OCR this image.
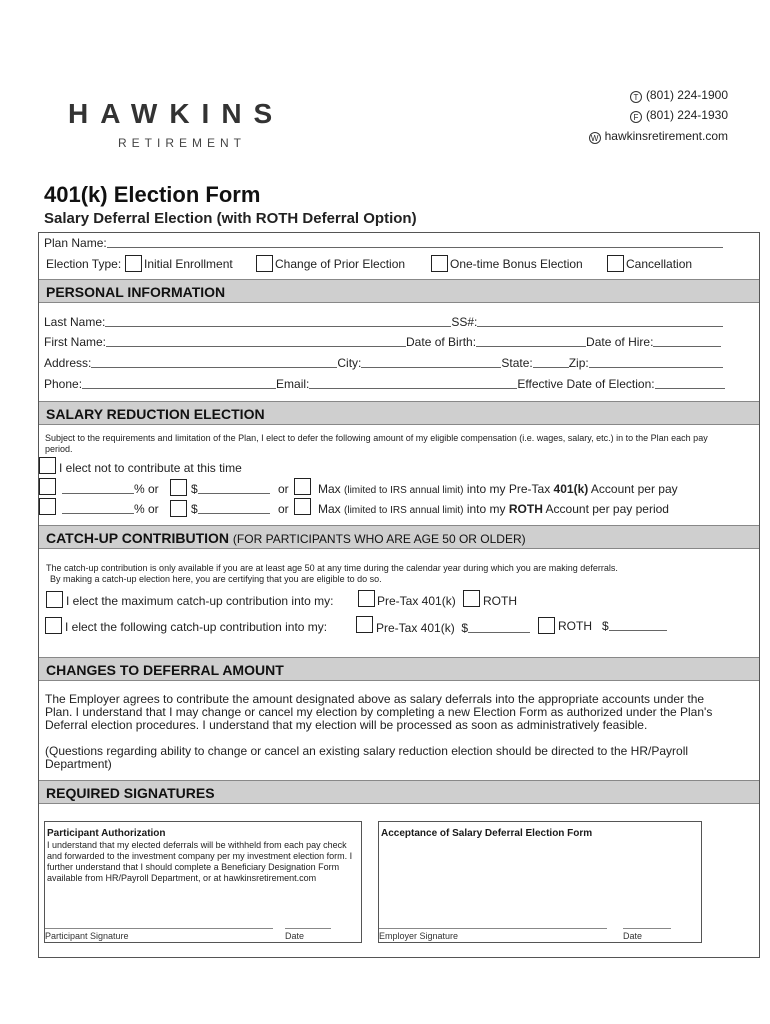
HAWKINS
RETIREMENT
T (801) 224-1900
F (801) 224-1930
W hawkinsretirement.com
401(k) Election Form
Salary Deferral Election (with ROTH Deferral Option)
Plan Name:
Election Type: Initial Enrollment	Change of Prior Election	One-time Bonus Election	Cancellation
PERSONAL INFORMATION
Last Name:	SS#:
First Name:	Date of Birth:	Date of Hire:
Address:	City:	State:	Zip:
Phone:	Email:	Effective Date of Election:
SALARY REDUCTION ELECTION
Subject to the requirements and limitation of the Plan, I elect to defer the following amount of my eligible compensation (i.e. wages, salary, etc.) in to the Plan each pay period.
I elect not to contribute at this time
% or	$	or Max (limited to IRS annual limit) into my Pre-Tax 401(k) Account per pay
% or	$	or Max (limited to IRS annual limit) into my ROTH Account per pay period
CATCH-UP CONTRIBUTION (FOR PARTICIPANTS WHO ARE AGE 50 OR OLDER)
The catch-up contribution is only available if you are at least age 50 at any time during the calendar year during which you are making deferrals.
By making a catch-up election here, you are certifying that you are eligible to do so.
I elect the maximum catch-up contribution into my:	Pre-Tax 401(k) ROTH
I elect the following catch-up contribution into my:	Pre-Tax 401(k) $	ROTH $
CHANGES TO DEFERRAL AMOUNT
The Employer agrees to contribute the amount designated above as salary deferrals into the appropriate accounts under the Plan. I understand that I may change or cancel my election by completing a new Election Form as authorized under the Plan's Deferral election procedures. I understand that my election will be processed as soon as administratively feasible.
(Questions regarding ability to change or cancel an existing salary reduction election should be directed to the HR/Payroll Department)
REQUIRED SIGNATURES
Participant Authorization
I understand that my elected deferrals will be withheld from each pay check and forwarded to the investment company per my investment election form. I further understand that I should complete a Beneficiary Designation Form available from HR/Payroll Department, or at hawkinsretirement.com
Participant Signature	Date
Acceptance of Salary Deferral Election Form
Employer Signature	Date
